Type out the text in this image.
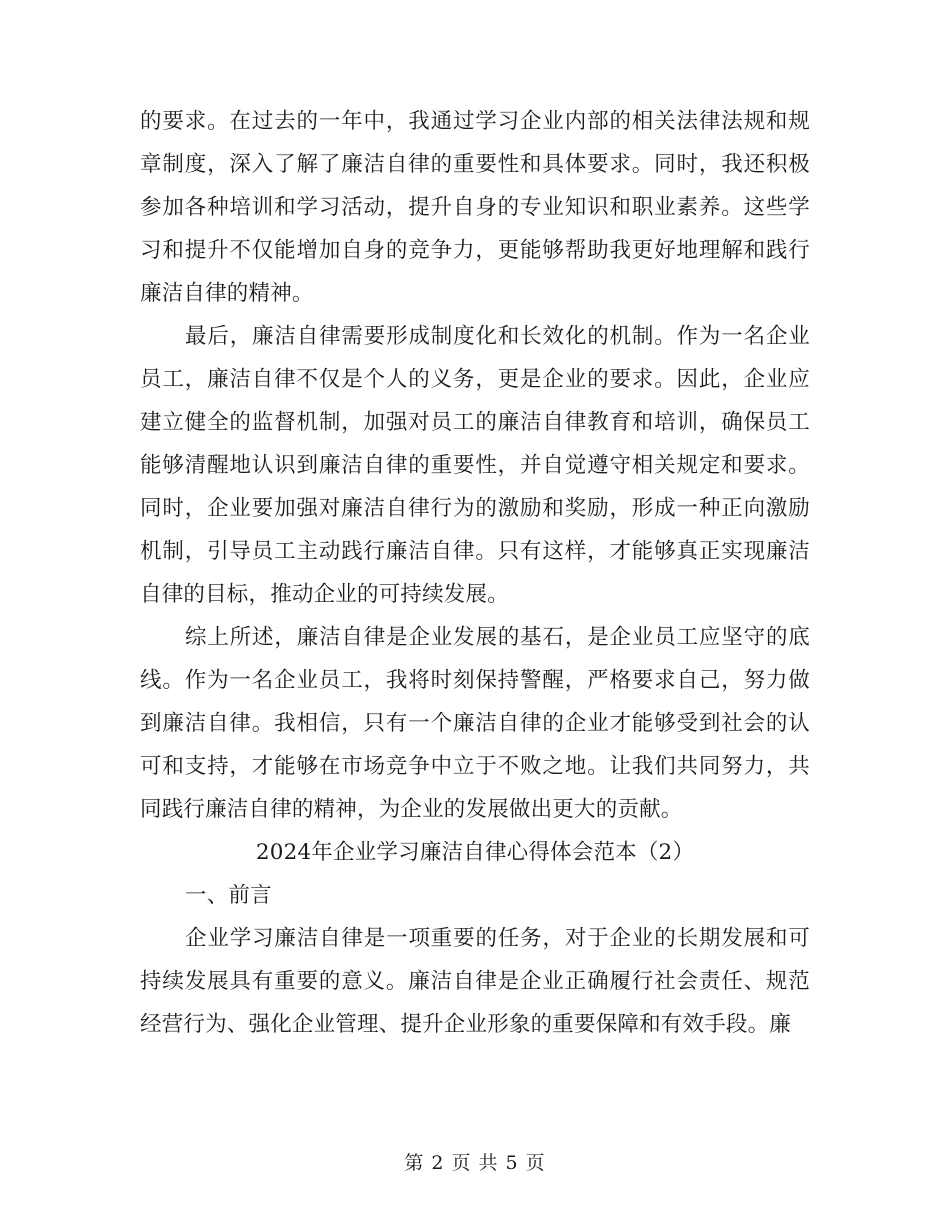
的要求。在过去的一年中，我通过学习企业内部的相关法律法规和规章制度，深入了解了廉洁自律的重要性和具体要求。同时，我还积极参加各种培训和学习活动，提升自身的专业知识和职业素养。这些学习和提升不仅能增加自身的竞争力，更能够帮助我更好地理解和践行廉洁自律的精神。

最后，廉洁自律需要形成制度化和长效化的机制。作为一名企业员工，廉洁自律不仅是个人的义务，更是企业的要求。因此，企业应建立健全的监督机制，加强对员工的廉洁自律教育和培训，确保员工能够清醒地认识到廉洁自律的重要性，并自觉遵守相关规定和要求。同时，企业要加强对廉洁自律行为的激励和奖励，形成一种正向激励机制，引导员工主动践行廉洁自律。只有这样，才能够真正实现廉洁自律的目标，推动企业的可持续发展。

综上所述，廉洁自律是企业发展的基石，是企业员工应坚守的底线。作为一名企业员工，我将时刻保持警醒，严格要求自己，努力做到廉洁自律。我相信，只有一个廉洁自律的企业才能够受到社会的认可和支持，才能够在市场竞争中立于不败之地。让我们共同努力，共同践行廉洁自律的精神，为企业的发展做出更大的贡献。

2024年企业学习廉洁自律心得体会范本（2）

一、前言

企业学习廉洁自律是一项重要的任务，对于企业的长期发展和可持续发展具有重要的意义。廉洁自律是企业正确履行社会责任、规范经营行为、强化企业管理、提升企业形象的重要保障和有效手段。廉

第 2 页 共 5 页
